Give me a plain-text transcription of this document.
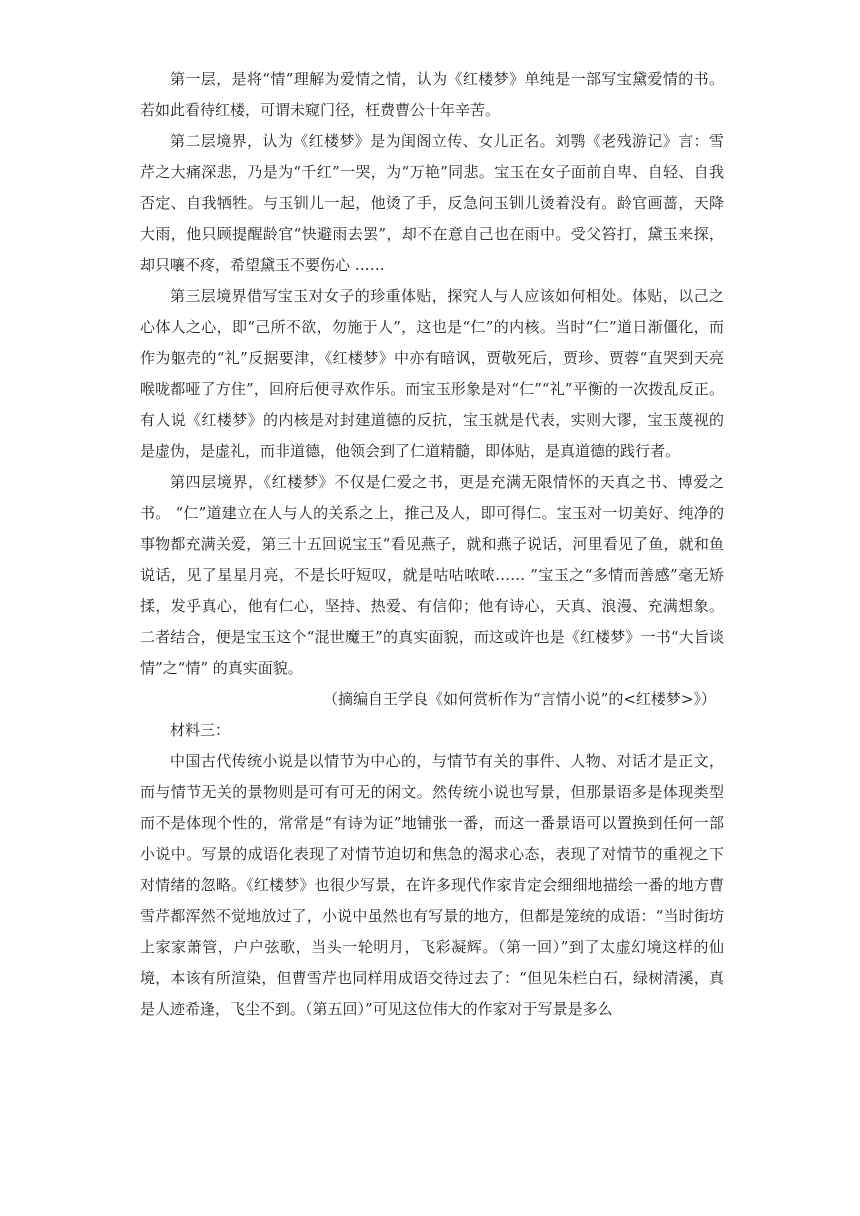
第一层，是将“情”理解为爱情之情，认为《红楼梦》单纯是一部写宝黛爱情的书。若如此看待红楼，可谓未窥门径，枉费曹公十年辛苦。

第二层境界，认为《红楼梦》是为闺阁立传、女儿正名。刘鹗《老残游记》言：雪芹之大痛深悲，乃是为“千红”一哭，为“万艳”同悲。宝玉在女子面前自卑、自轻、自我否定、自我牺牲。与玉钏儿一起，他烫了手，反急问玉钏儿烫着没有。龄官画蔷，天降大雨，他只顾提醒龄官“快避雨去罢”，却不在意自己也在雨中。受父笞打，黛玉来探，却只嚷不疼，希望黛玉不要伤心 ……

第三层境界借写宝玉对女子的珍重体贴，探究人与人应该如何相处。体贴，以己之心体人之心，即“己所不欲，勿施于人”，这也是“仁”的内核。当时“仁”道日渐僵化，而作为躯壳的“礼”反据要津，《红楼梦》中亦有暗讽，贾敬死后，贾珍、贾蓉“直哭到天亮喉咙都哑了方住”，回府后便寻欢作乐。而宝玉形象是对“仁”“礼”平衡的一次拨乱反正。有人说《红楼梦》的内核是对封建道德的反抗，宝玉就是代表，实则大谬，宝玉蔑视的是虚伪，是虚礼，而非道德，他领会到了仁道精髓，即体贴，是真道德的践行者。

第四层境界，《红楼梦》不仅是仁爱之书，更是充满无限情怀的天真之书、博爱之书。 “仁”道建立在人与人的关系之上，推己及人，即可得仁。宝玉对一切美好、纯净的事物都充满关爱，第三十五回说宝玉“看见燕子，就和燕子说话，河里看见了鱼，就和鱼说话，见了星星月亮，不是长吁短叹，就是咕咕哝哝…… ”宝玉之“多情而善感”毫无矫揉，发乎真心，他有仁心，坚持、热爱、有信仰；他有诗心，天真、浪漫、充满想象。二者结合，便是宝玉这个“混世魔王”的真实面貌，而这或许也是《红楼梦》一书“大旨谈情”之“情” 的真实面貌。

（摘编自王学良《如何赏析作为“言情小说”的<红楼梦>》）

材料三：

中国古代传统小说是以情节为中心的，与情节有关的事件、人物、对话才是正文，而与情节无关的景物则是可有可无的闲文。然传统小说也写景，但那景语多是体现类型而不是体现个性的，常常是“有诗为证”地铺张一番，而这一番景语可以置换到任何一部小说中。写景的成语化表现了对情节迫切和焦急的渴求心态，表现了对情节的重视之下对情绪的忽略。《红楼梦》也很少写景，在许多现代作家肯定会细细地描绘一番的地方曹雪芹都浑然不觉地放过了，小说中虽然也有写景的地方，但都是笼统的成语：“当时街坊上家家萧管，户户弦歌，当头一轮明月，飞彩凝辉。（第一回）”到了太虚幻境这样的仙境，本该有所渲染，但曹雪芹也同样用成语交待过去了：“但见朱栏白石，绿树清溪，真是人迹希逢，飞尘不到。（第五回）”可见这位伟大的作家对于写景是多么
